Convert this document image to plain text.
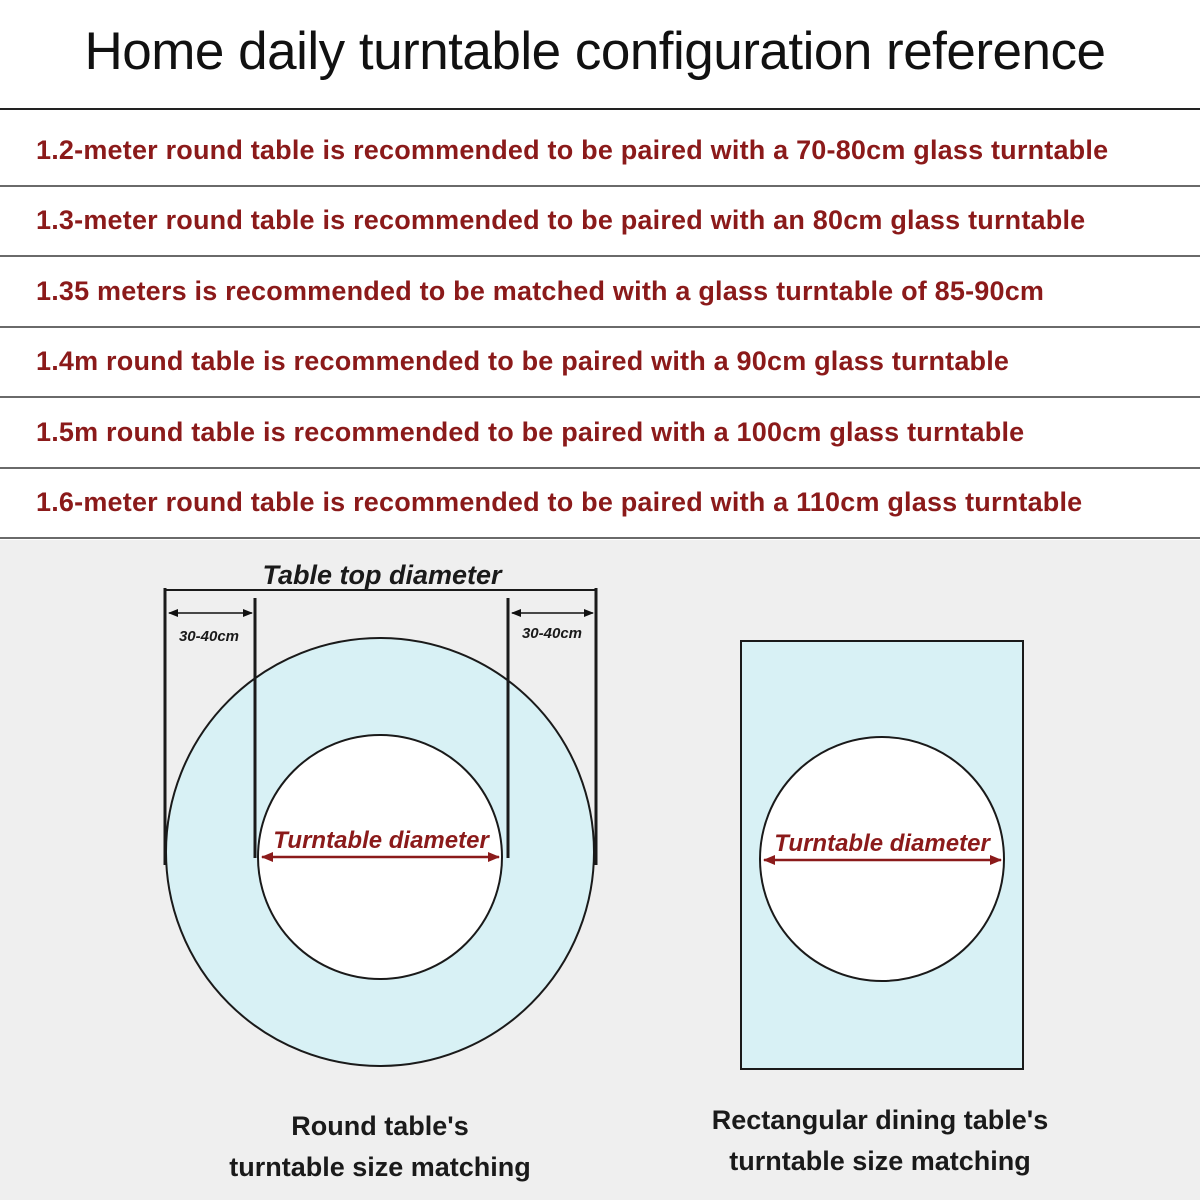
Home daily turntable configuration reference
1.2-meter round table is recommended to be paired with a 70-80cm glass turntable
1.3-meter round table is recommended to be paired with an 80cm glass turntable
1.35 meters is recommended to be matched with a glass turntable of 85-90cm
1.4m round table is recommended to be paired with a 90cm glass turntable
1.5m round table is recommended to be paired with a 100cm glass turntable
1.6-meter round table is recommended to be paired with a 110cm glass turntable
Table top diameter
30-40cm	30-40cm
Turntable diameter	Turntable diameter
Round table's
turntable size matching
Rectangular dining table's
turntable size matching
